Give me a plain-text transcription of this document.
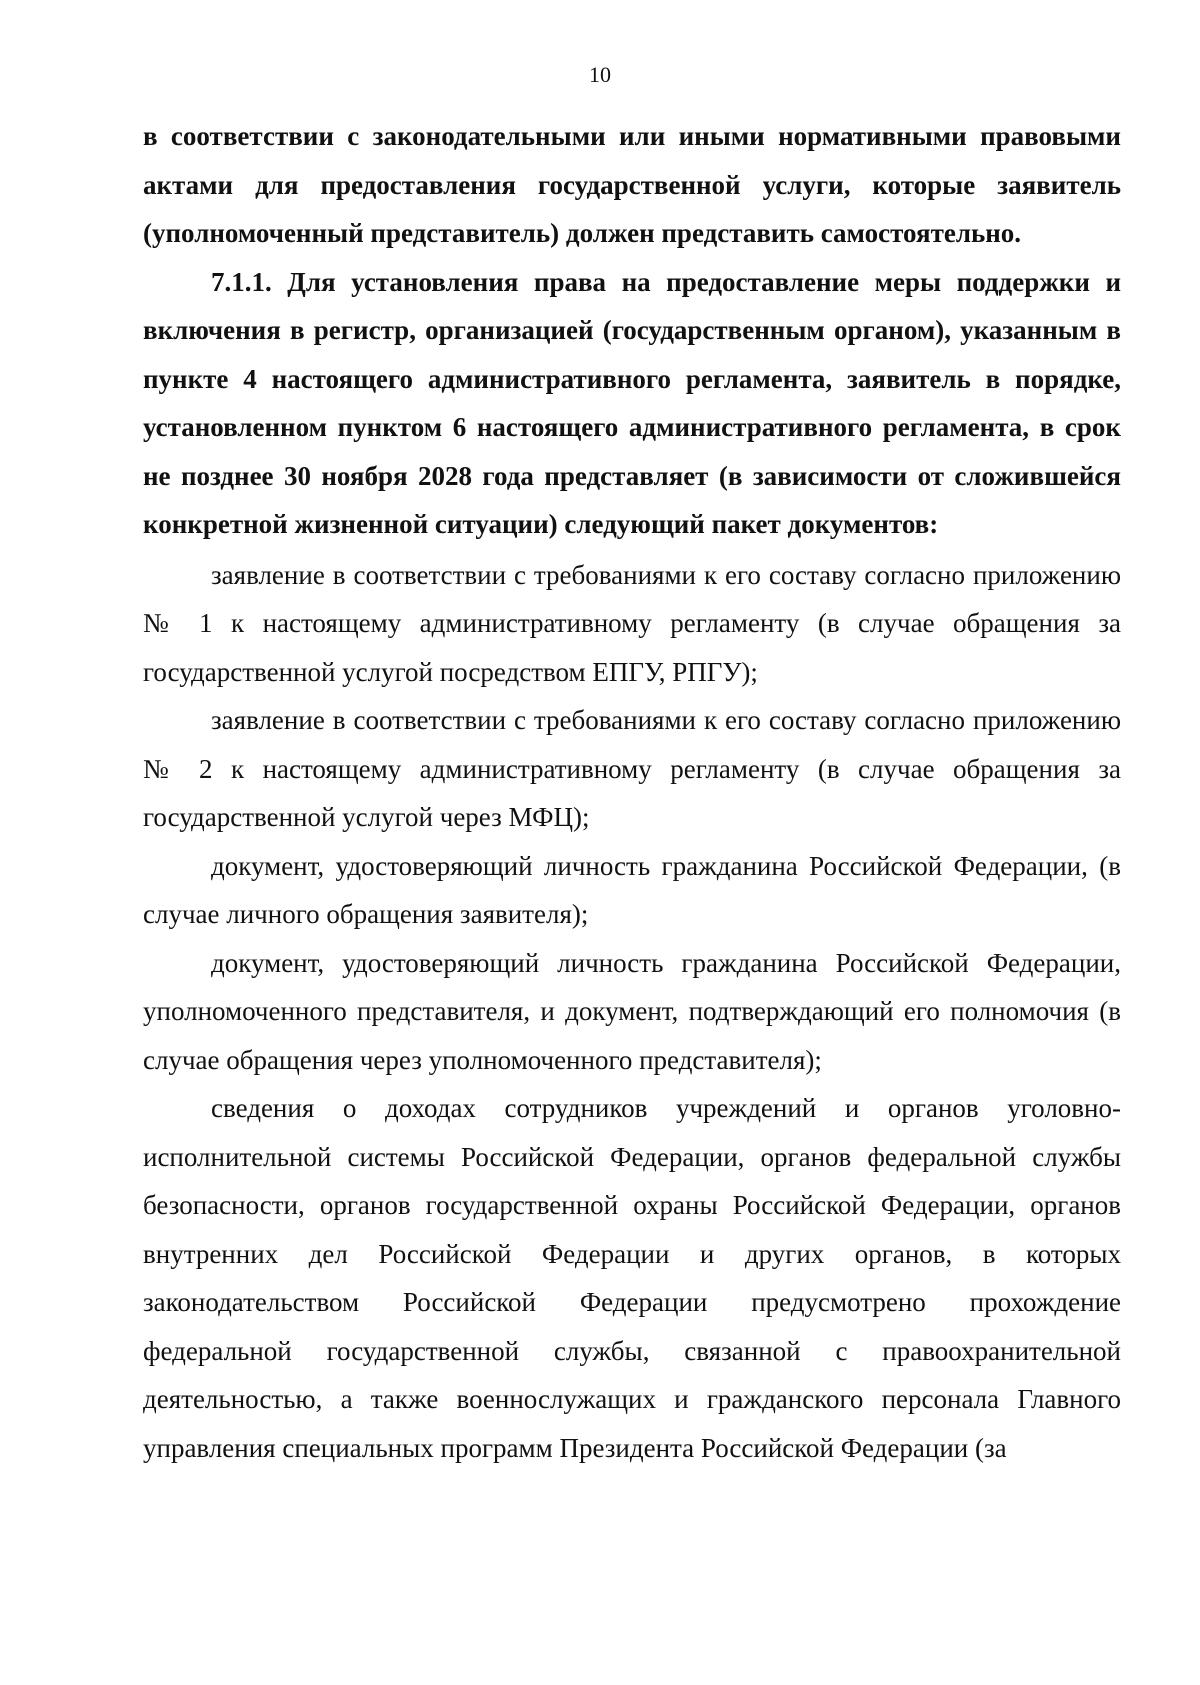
10

в соответствии с законодательными или иными нормативными правовыми актами для предоставления государственной услуги, которые заявитель (уполномоченный представитель) должен представить самостоятельно.

7.1.1. Для установления права на предоставление меры поддержки и включения в регистр, организацией (государственным органом), указанным в пункте 4 настоящего административного регламента, заявитель в порядке, установленном пунктом 6 настоящего административного регламента, в срок не позднее 30 ноября 2028 года представляет (в зависимости от сложившейся конкретной жизненной ситуации) следующий пакет документов:

заявление в соответствии с требованиями к его составу согласно приложению № 1 к настоящему административному регламенту (в случае обращения за государственной услугой посредством ЕПГУ, РПГУ);

заявление в соответствии с требованиями к его составу согласно приложению № 2 к настоящему административному регламенту (в случае обращения за государственной услугой через МФЦ);

документ, удостоверяющий личность гражданина Российской Федерации, (в случае личного обращения заявителя);

документ, удостоверяющий личность гражданина Российской Федерации, уполномоченного представителя, и документ, подтверждающий его полномочия (в случае обращения через уполномоченного представителя);

сведения о доходах сотрудников учреждений и органов уголовно-исполнительной системы Российской Федерации, органов федеральной службы безопасности, органов государственной охраны Российской Федерации, органов внутренних дел Российской Федерации и других органов, в которых законодательством Российской Федерации предусмотрено прохождение федеральной государственной службы, связанной с правоохранительной деятельностью, а также военнослужащих и гражданского персонала Главного управления специальных программ Президента Российской Федерации (за
